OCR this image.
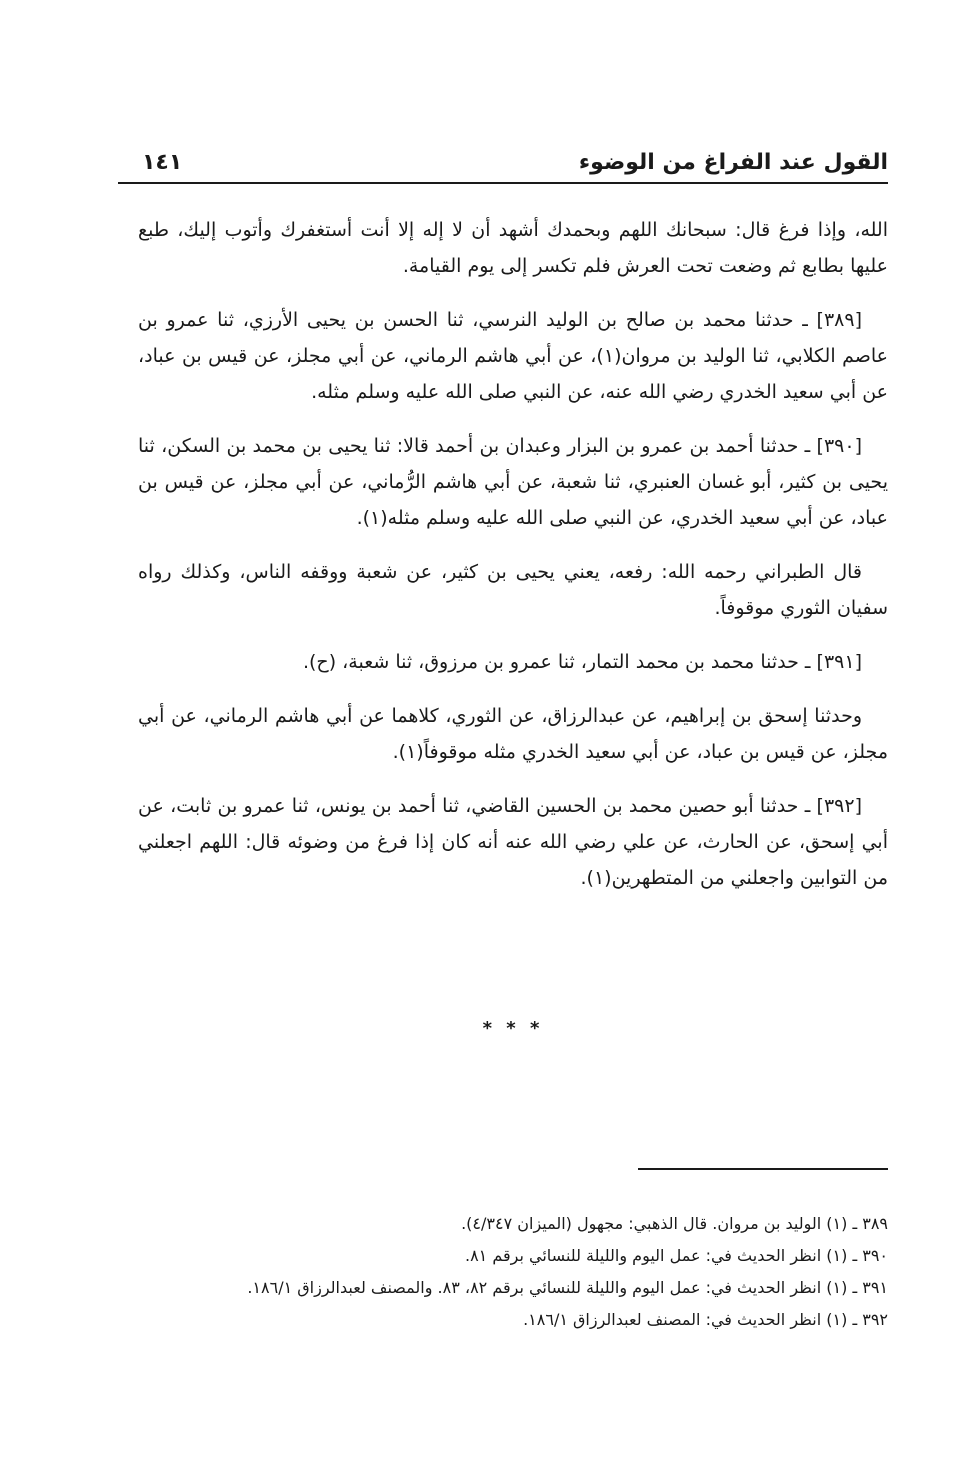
القول عند الفراغ من الوضوء
١٤١

الله، وإذا فرغ قال: سبحانك اللهم وبحمدك أشهد أن لا إله إلا أنت أستغفرك وأتوب إليك، طبع عليها بطابع ثم وضعت تحت العرش فلم تكسر إلى يوم القيامة.

[٣٨٩] ـ حدثنا محمد بن صالح بن الوليد النرسي، ثنا الحسن بن يحيى الأرزي، ثنا عمرو بن عاصم الكلابي، ثنا الوليد بن مروان(١)، عن أبي هاشم الرماني، عن أبي مجلز، عن قيس بن عباد، عن أبي سعيد الخدري رضي الله عنه، عن النبي صلى الله عليه وسلم مثله.

[٣٩٠] ـ حدثنا أحمد بن عمرو بن البزار وعبدان بن أحمد قالا: ثنا يحيى بن محمد بن السكن، ثنا يحيى بن كثير، أبو غسان العنبري، ثنا شعبة، عن أبي هاشم الرُّماني، عن أبي مجلز، عن قيس بن عباد، عن أبي سعيد الخدري، عن النبي صلى الله عليه وسلم مثله(١).

قال الطبراني رحمه الله: رفعه، يعني يحيى بن كثير، عن شعبة ووقفه الناس، وكذلك رواه سفيان الثوري موقوفاً.

[٣٩١] ـ حدثنا محمد بن محمد التمار، ثنا عمرو بن مرزوق، ثنا شعبة، (ح).

وحدثنا إسحق بن إبراهيم، عن عبدالرزاق، عن الثوري، كلاهما عن أبي هاشم الرماني، عن أبي مجلز، عن قيس بن عباد، عن أبي سعيد الخدري مثله موقوفاً(١).

[٣٩٢] ـ حدثنا أبو حصين محمد بن الحسين القاضي، ثنا أحمد بن يونس، ثنا عمرو بن ثابت، عن أبي إسحق، عن الحارث، عن علي رضي الله عنه أنه كان إذا فرغ من وضوئه قال: اللهم اجعلني من التوابين واجعلني من المتطهرين(١).

* * *

٣٨٩ ـ (١) الوليد بن مروان. قال الذهبي: مجهول (الميزان ٤/٣٤٧).

٣٩٠ ـ (١) انظر الحديث في: عمل اليوم والليلة للنسائي برقم ٨١.

٣٩١ ـ (١) انظر الحديث في: عمل اليوم والليلة للنسائي برقم ٨٢، ٨٣. والمصنف لعبدالرزاق ١٨٦/١.

٣٩٢ ـ (١) انظر الحديث في: المصنف لعبدالرزاق ١٨٦/١.
